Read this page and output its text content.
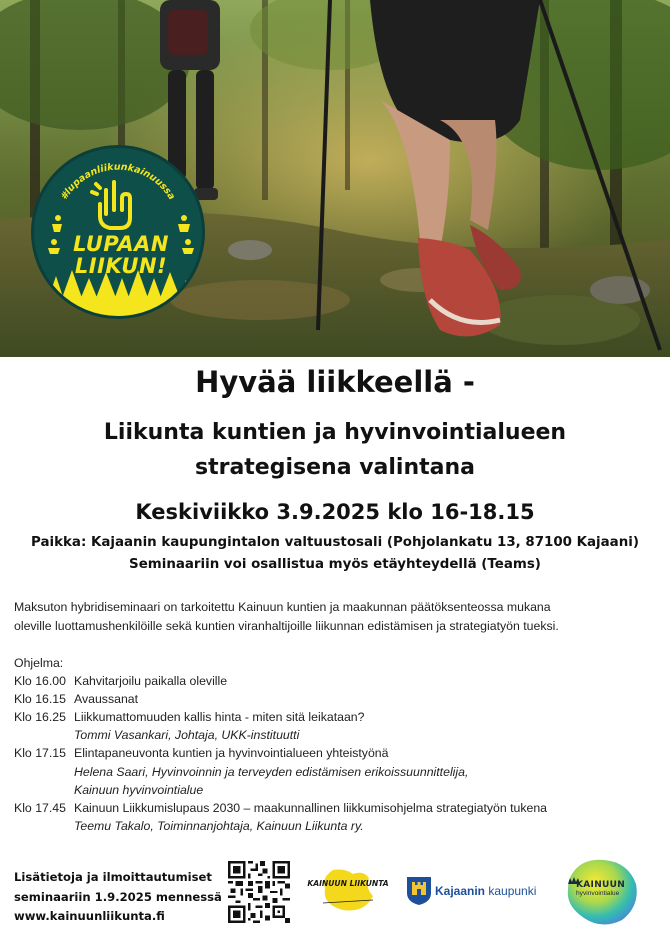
LUPAAN
LIIKUN!
#lupaanliikunkainuussa
Hyvää liikkeellä -
Liikunta kuntien ja hyvinvointialueen
strategisena valintana
Keskiviikko 3.9.2025 klo 16-18.15
Paikka: Kajaanin kaupungintalon valtuustosali (Pohjolankatu 13, 87100 Kajaani)
Seminaariin voi osallistua myös etäyhteydellä (Teams)
Maksuton hybridiseminaari on tarkoitettu Kainuun kuntien ja maakunnan päätöksenteossa mukana
oleville luottamushenkilöille sekä kuntien viranhaltijoille liikunnan edistämisen ja strategiatyön tueksi.
Ohjelma:
Klo 16.00 Kahvitarjoilu paikalla oleville
Klo 16.15 Avaussanat
Klo 16.25 Liikkumattomuuden kallis hinta - miten sitä leikataan?
Tommi Vasankari, Johtaja, UKK-instituutti
Klo 17.15 Elintapaneuvonta kuntien ja hyvinvointialueen yhteistyönä
Helena Saari, Hyvinvoinnin ja terveyden edistämisen erikoissuunnittelija,
Kainuun hyvinvointialue
Klo 17.45 Kainuun Liikkumislupaus 2030 – maakunnallinen liikkumisohjelma strategiatyön tukena
Teemu Takalo, Toiminnanjohtaja, Kainuun Liikunta ry.
Lisätietoja ja ilmoittautumiset
seminaariin 1.9.2025 mennessä
www.kainuunliikunta.fi
KAINUUN LIIKUNTA
Kajaanin kaupunki	KAINUUN
hyvinvointialue
